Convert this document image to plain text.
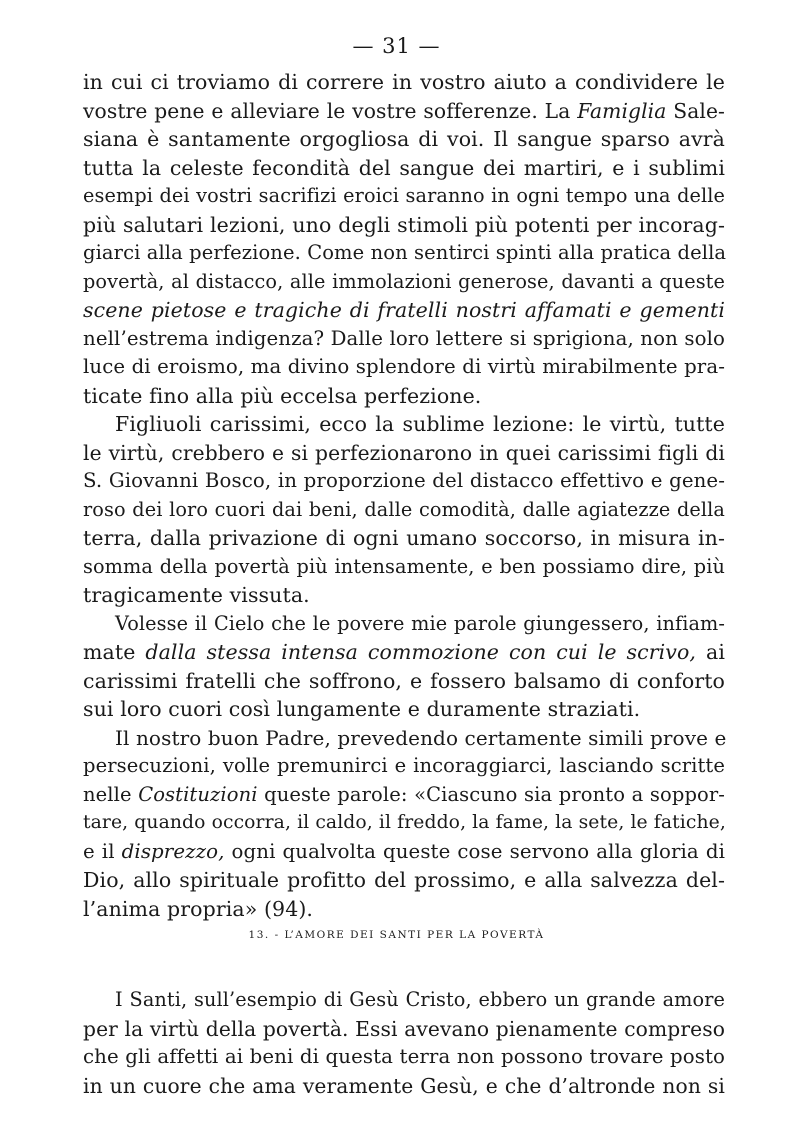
— 31 —
in cui ci troviamo di correre in vostro aiuto a condividere le
vostre pene e alleviare le vostre sofferenze. La Famiglia Sale-
siana è santamente orgogliosa di voi. Il sangue sparso avrà
tutta la celeste fecondità del sangue dei martiri, e i sublimi
esempi dei vostri sacrifizi eroici saranno in ogni tempo una delle
più salutari lezioni, uno degli stimoli più potenti per incorag-
giarci alla perfezione. Come non sentirci spinti alla pratica della
povertà, al distacco, alle immolazioni generose, davanti a queste
scene pietose e tragiche di fratelli nostri affamati e gementi
nell’estrema indigenza? Dalle loro lettere si sprigiona, non solo
luce di eroismo, ma divino splendore di virtù mirabilmente pra-
ticate fino alla più eccelsa perfezione.
Figliuoli carissimi, ecco la sublime lezione: le virtù, tutte
le virtù, crebbero e si perfezionarono in quei carissimi figli di
S. Giovanni Bosco, in proporzione del distacco effettivo e gene-
roso dei loro cuori dai beni, dalle comodità, dalle agiatezze della
terra, dalla privazione di ogni umano soccorso, in misura in-
somma della povertà più intensamente, e ben possiamo dire, più
tragicamente vissuta.
Volesse il Cielo che le povere mie parole giungessero, infiam-
mate dalla stessa intensa commozione con cui le scrivo, ai
carissimi fratelli che soffrono, e fossero balsamo di conforto
sui loro cuori così lungamente e duramente straziati.
Il nostro buon Padre, prevedendo certamente simili prove e
persecuzioni, volle premunirci e incoraggiarci, lasciando scritte
nelle Costituzioni queste parole: «Ciascuno sia pronto a soppor-
tare, quando occorra, il caldo, il freddo, la fame, la sete, le fatiche,
e il disprezzo, ogni qualvolta queste cose servono alla gloria di
Dio, allo spirituale profitto del prossimo, e alla salvezza del-
l’anima propria» (94).
13. - L’AMORE DEI SANTI PER LA POVERTÀ
I Santi, sull’esempio di Gesù Cristo, ebbero un grande amore
per la virtù della povertà. Essi avevano pienamente compreso
che gli affetti ai beni di questa terra non possono trovare posto
in un cuore che ama veramente Gesù, e che d’altronde non si
